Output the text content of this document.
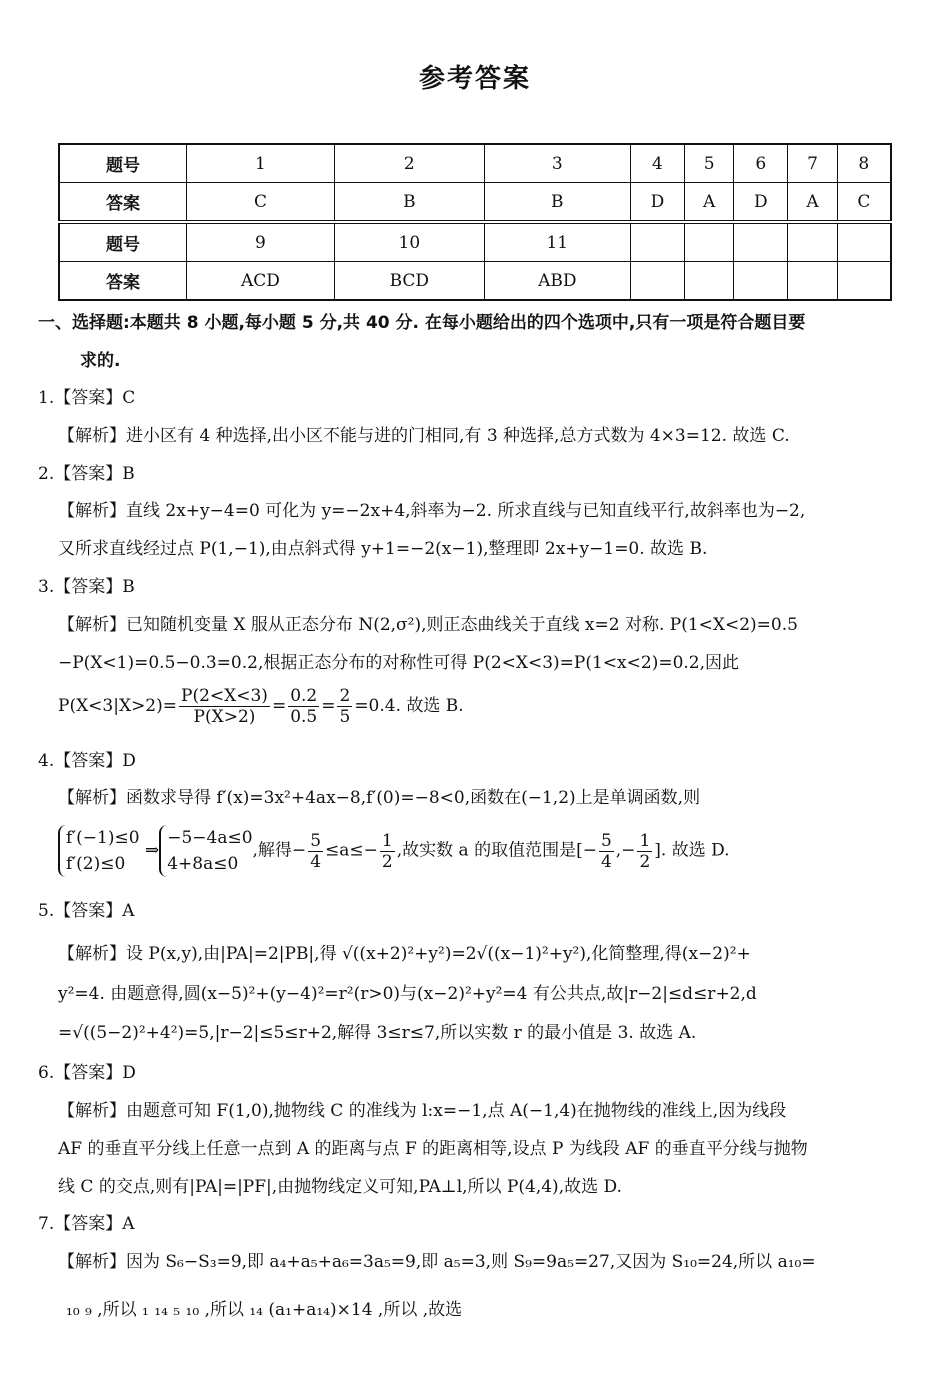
参考答案
题号	1	2	3	4	5	6	7	8
答案	C	B	B	D	A	D	A	C
题号	9	10	11					
答案	ACD	BCD	ABD					
一、选择题:本题共 8 小题,每小题 5 分,共 40 分. 在每小题给出的四个选项中,只有一项是符合题目要
求的.
1.【答案】C
【解析】进小区有 4 种选择,出小区不能与进的门相同,有 3 种选择,总方式数为 4×3=12. 故选 C.
2.【答案】B
【解析】直线 2x+y−4=0 可化为 y=−2x+4,斜率为−2. 所求直线与已知直线平行,故斜率也为−2,
又所求直线经过点 P(1,−1),由点斜式得 y+1=−2(x−1),整理即 2x+y−1=0. 故选 B.
3.【答案】B
【解析】已知随机变量 X 服从正态分布 N(2,σ²),则正态曲线关于直线 x=2 对称. P(1<X<2)=0.5
−P(X<1)=0.5−0.3=0.2,根据正态分布的对称性可得 P(2<X<3)=P(1<x<2)=0.2,因此
$P(X<3|X>2)= \frac{P(2<X<3)}{P(X>2)} = \frac{0.2}{0.5} = \frac{2}{5} =0.4$. 故选 B.
4.【答案】D
【解析】函数求导得 f′(x)=3x²+4ax−8,f′(0)=−8<0,函数在(−1,2)上是单调函数,则
f′(−1)≤0
f′(2)≤0 ⇒−5−4a≤0
4+8a≤0,解得− $\frac{5}{4} \le a\le- \frac{1}{2}$ ,故实数 a 的取值范围是[− $\frac{5}{4}$ ,− $\frac{1}{2}$ ]. 故选 D.
5.【答案】A
【解析】设 P(x,y),由|PA|=2|PB|,得 √((x+2)²+y²)=2√((x−1)²+y²),化简整理,得(x−2)²+
y²=4. 由题意得,圆(x−5)²+(y−4)²=r²(r>0)与(x−2)²+y²=4 有公共点,故|r−2|≤d≤r+2,d
=√((5−2)²+4²)=5,|r−2|≤5≤r+2,解得 3≤r≤7,所以实数 r 的最小值是 3. 故选 A.
6.【答案】D
【解析】由题意可知 F(1,0),抛物线 C 的准线为 l:x=−1,点 A(−1,4)在抛物线的准线上,因为线段
AF 的垂直平分线上任意一点到 A 的距离与点 F 的距离相等,设点 P 为线段 AF 的垂直平分线与抛物
线 C 的交点,则有|PA|=|PF|,由抛物线定义可知,PA⊥l,所以 P(4,4),故选 D.
7.【答案】A
【解析】因为 S₆−S₃=9,即 a₄+a₅+a₆=3a₅=9,即 a₅=3,则 S₉=9a₅=27,又因为 S₁₀=24,所以 a₁₀=
₁₀ ₉ ,所以 ₁ ₁₄ ₅ ₁₀ ,所以 ₁₄ (a₁+a₁₄)×14 ,所以 ,故选
